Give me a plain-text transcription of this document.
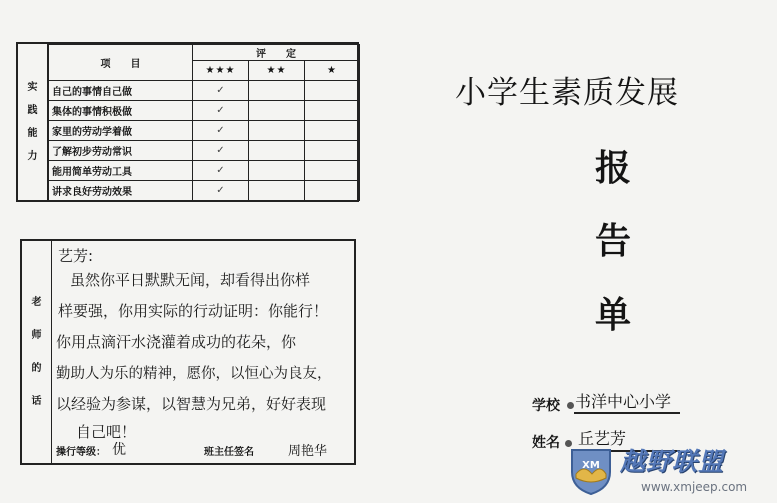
实
践
能
力
项　　目	评　　定		
	★★★	★★	★
自己的事情自己做	✓		
集体的事情积极做	✓		
家里的劳动学着做	✓		
了解初步劳动常识	✓		
能用简单劳动工具	✓		
讲求良好劳动效果	✓		
老
师
的
话
艺芳:
虽然你平日默默无闻，却看得出你样
样要强，你用实际的行动证明：你能行！
你用点滴汗水浇灌着成功的花朵，你
勤助人为乐的精神，愿你，以恒心为良友，
以经验为参谋，以智慧为兄弟，好好表现
自己吧！
操行等级： 优	班主任签名	周艳华
小学生素质发展
报
告
单
学校 书洋中心小学
姓名 丘艺芳
XM 越野联盟
www.xmjeep.com
